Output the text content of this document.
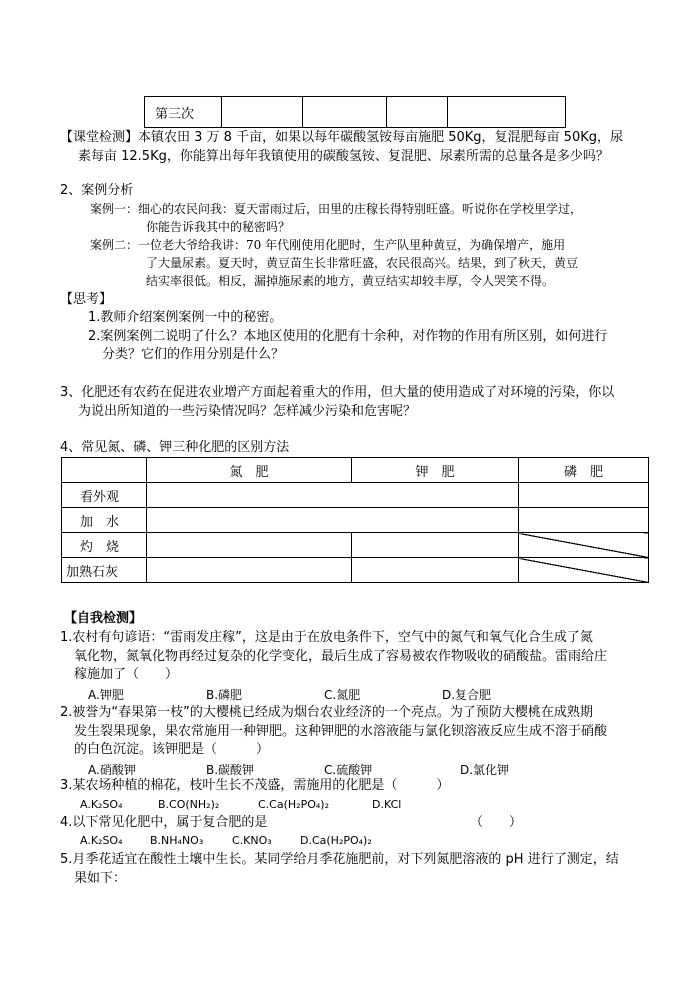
第三次				
【课堂检测】本镇农田 3 万 8 千亩，如果以每年碳酸氢铵每亩施肥 50Kg，复混肥每亩 50Kg，尿
素每亩 12.5Kg，你能算出每年我镇使用的碳酸氢铵、复混肥、尿素所需的总量各是多少吗？
2、案例分析
案例一：细心的农民问我：夏天雷雨过后，田里的庄稼长得特别旺盛。听说你在学校里学过，
你能告诉我其中的秘密吗？
案例二：一位老大爷给我讲：70 年代刚使用化肥时，生产队里种黄豆，为确保增产，施用
了大量尿素。夏天时，黄豆苗生长非常旺盛，农民很高兴。结果，到了秋天，黄豆
结实率很低。相反，漏掉施尿素的地方，黄豆结实却较丰厚，令人哭笑不得。
【思考】
1.教师介绍案例案例一中的秘密。
2.案例案例二说明了什么？本地区使用的化肥有十余种，对作物的作用有所区别，如何进行
分类？它们的作用分别是什么？
3、化肥还有农药在促进农业增产方面起着重大的作用，但大量的使用造成了对环境的污染，你以
为说出所知道的一些污染情况吗？怎样减少污染和危害呢？
4、常见氮、磷、钾三种化肥的区别方法
	氮　肥	钾　肥	磷　肥
看外观			
加　水			
灼　烧			
加熟石灰			
【自我检测】
1.农村有句谚语：“雷雨发庄稼”，这是由于在放电条件下，空气中的氮气和氧气化合生成了氮
氧化物，氮氧化物再经过复杂的化学变化，最后生成了容易被农作物吸收的硝酸盐。雷雨给庄
稼施加了（　　）
A.钾肥	B.磷肥	C.氮肥	D.复合肥
2.被誉为“春果第一枝”的大樱桃已经成为烟台农业经济的一个亮点。为了预防大樱桃在成熟期
发生裂果现象，果农常施用一种钾肥。这种钾肥的水溶液能与氯化钡溶液反应生成不溶于硝酸
的白色沉淀。该钾肥是（　　　）
A.硝酸钾	B.碳酸钾	C.硫酸钾	D.氯化钾
3.某农场种植的棉花，枝叶生长不茂盛，需施用的化肥是（　　　）
A.K₂SO₄	B.CO(NH₂)₂	C.Ca(H₂PO₄)₂	D.KCl
4.以下常见化肥中，属于复合肥的是	（　　）
A.K₂SO₄ B.NH₄NO₃	C.KNO₃	D.Ca(H₂PO₄)₂
5.月季花适宜在酸性土壤中生长。某同学给月季花施肥前，对下列氮肥溶液的 pH 进行了测定，结
果如下：
